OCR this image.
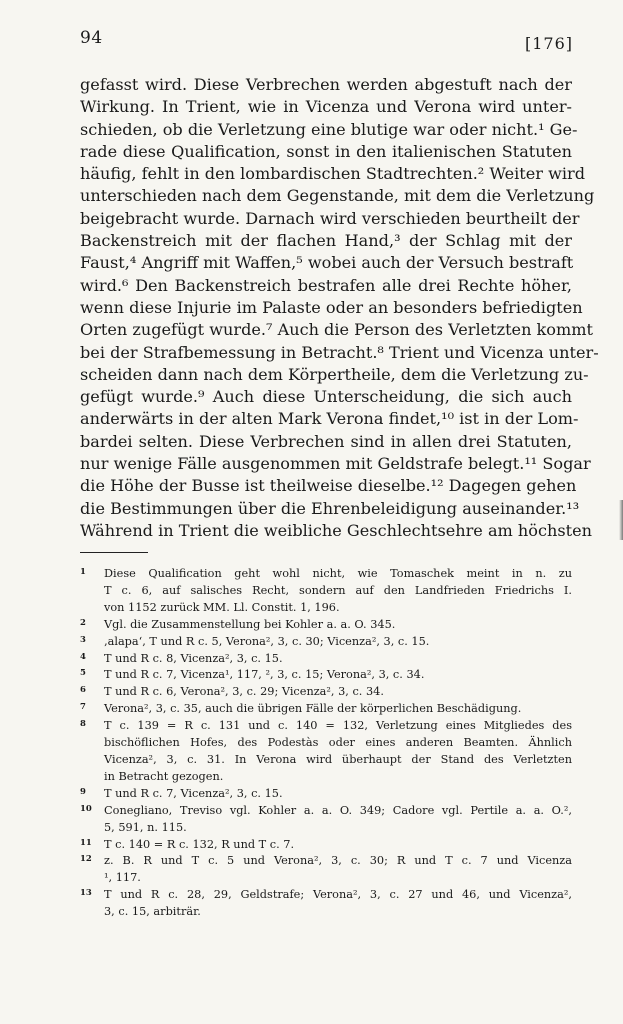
94	[176]
gefasst wird. Diese Verbrechen werden abgestuft nach der
Wirkung. In Trient, wie in Vicenza und Verona wird unter-
schieden, ob die Verletzung eine blutige war oder nicht.¹ Ge-
rade diese Qualification, sonst in den italienischen Statuten
häufig, fehlt in den lombardischen Stadtrechten.² Weiter wird
unterschieden nach dem Gegenstande, mit dem die Verletzung
beigebracht wurde. Darnach wird verschieden beurtheilt der
Backenstreich mit der flachen Hand,³ der Schlag mit der
Faust,⁴ Angriff mit Waffen,⁵ wobei auch der Versuch bestraft
wird.⁶ Den Backenstreich bestrafen alle drei Rechte höher,
wenn diese Injurie im Palaste oder an besonders befriedigten
Orten zugefügt wurde.⁷ Auch die Person des Verletzten kommt
bei der Strafbemessung in Betracht.⁸ Trient und Vicenza unter-
scheiden dann nach dem Körpertheile, dem die Verletzung zu-
gefügt wurde.⁹ Auch diese Unterscheidung, die sich auch
anderwärts in der alten Mark Verona findet,¹⁰ ist in der Lom-
bardei selten. Diese Verbrechen sind in allen drei Statuten,
nur wenige Fälle ausgenommen mit Geldstrafe belegt.¹¹ Sogar
die Höhe der Busse ist theilweise dieselbe.¹² Dagegen gehen
die Bestimmungen über die Ehrenbeleidigung auseinander.¹³
Während in Trient die weibliche Geschlechtsehre am höchsten
1 Diese Qualification geht wohl nicht, wie Tomaschek meint in n. zu
T c. 6, auf salisches Recht, sondern auf den Landfrieden Friedrichs I.
von 1152 zurück MM. Ll. Constit. 1, 196.
2 Vgl. die Zusammenstellung bei Kohler a. a. O. 345.
3 ‚alapa‘, T und R c. 5, Verona², 3, c. 30; Vicenza², 3, c. 15.
4 T und R c. 8, Vicenza², 3, c. 15.
5 T und R c. 7, Vicenza¹, 117, ², 3, c. 15; Verona², 3, c. 34.
6 T und R c. 6, Verona², 3, c. 29; Vicenza², 3, c. 34.
7 Verona², 3, c. 35, auch die übrigen Fälle der körperlichen Beschädigung.
8 T c. 139 = R c. 131 und c. 140 = 132, Verletzung eines Mitgliedes des
bischöflichen Hofes, des Podestàs oder eines anderen Beamten. Ähnlich
Vicenza², 3, c. 31. In Verona wird überhaupt der Stand des Verletzten
in Betracht gezogen.
9 T und R c. 7, Vicenza², 3, c. 15.
10 Conegliano, Treviso vgl. Kohler a. a. O. 349; Cadore vgl. Pertile a. a. O.²,
5, 591, n. 115.
11 T c. 140 = R c. 132, R und T c. 7.
12 z. B. R und T c. 5 und Verona², 3, c. 30; R und T c. 7 und Vicenza
¹, 117.
13 T und R c. 28, 29, Geldstrafe; Verona², 3, c. 27 und 46, und Vicenza²,
3, c. 15, arbiträr.
